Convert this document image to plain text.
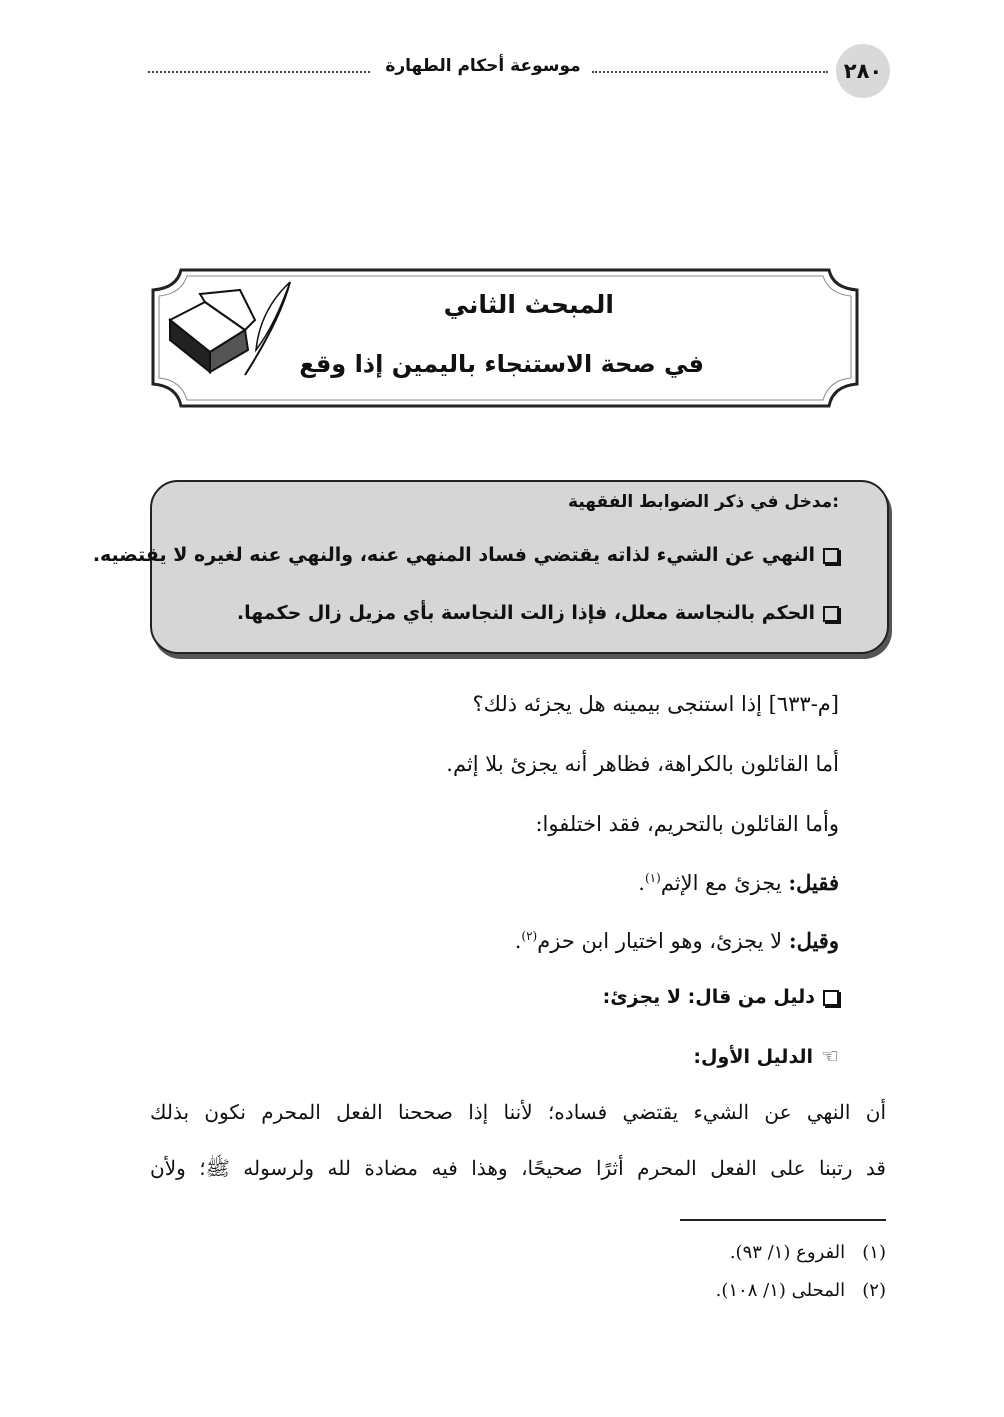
٢٨٠
موسوعة أحكام الطهارة
المبحث الثاني
في صحة الاستنجاء باليمين إذا وقع
مدخل في ذكر الضوابط الفقهية:
النهي عن الشيء لذاته يقتضي فساد المنهي عنه، والنهي عنه لغيره لا يقتضيه.
الحكم بالنجاسة معلل، فإذا زالت النجاسة بأي مزيل زال حكمها.
[م-٦٣٣] إذا استنجى بيمينه هل يجزئه ذلك؟
أما القائلون بالكراهة، فظاهر أنه يجزئ بلا إثم.
وأما القائلون بالتحريم، فقد اختلفوا:
فقيل: يجزئ مع الإثم$^{(١)}$.
وقيل: لا يجزئ، وهو اختيار ابن حزم$^{(٢)}$.
دليل من قال: لا يجزئ:
☜الدليل الأول:
أن النهي عن الشيء يقتضي فساده؛ لأننا إذا صححنا الفعل المحرم نكون بذلك
قد رتبنا على الفعل المحرم أثرًا صحيحًا، وهذا فيه مضادة لله ولرسوله ﷺ؛ ولأن
(١)   الفروع (١/ ٩٣).
(٢)   المحلى (١/ ١٠٨).
